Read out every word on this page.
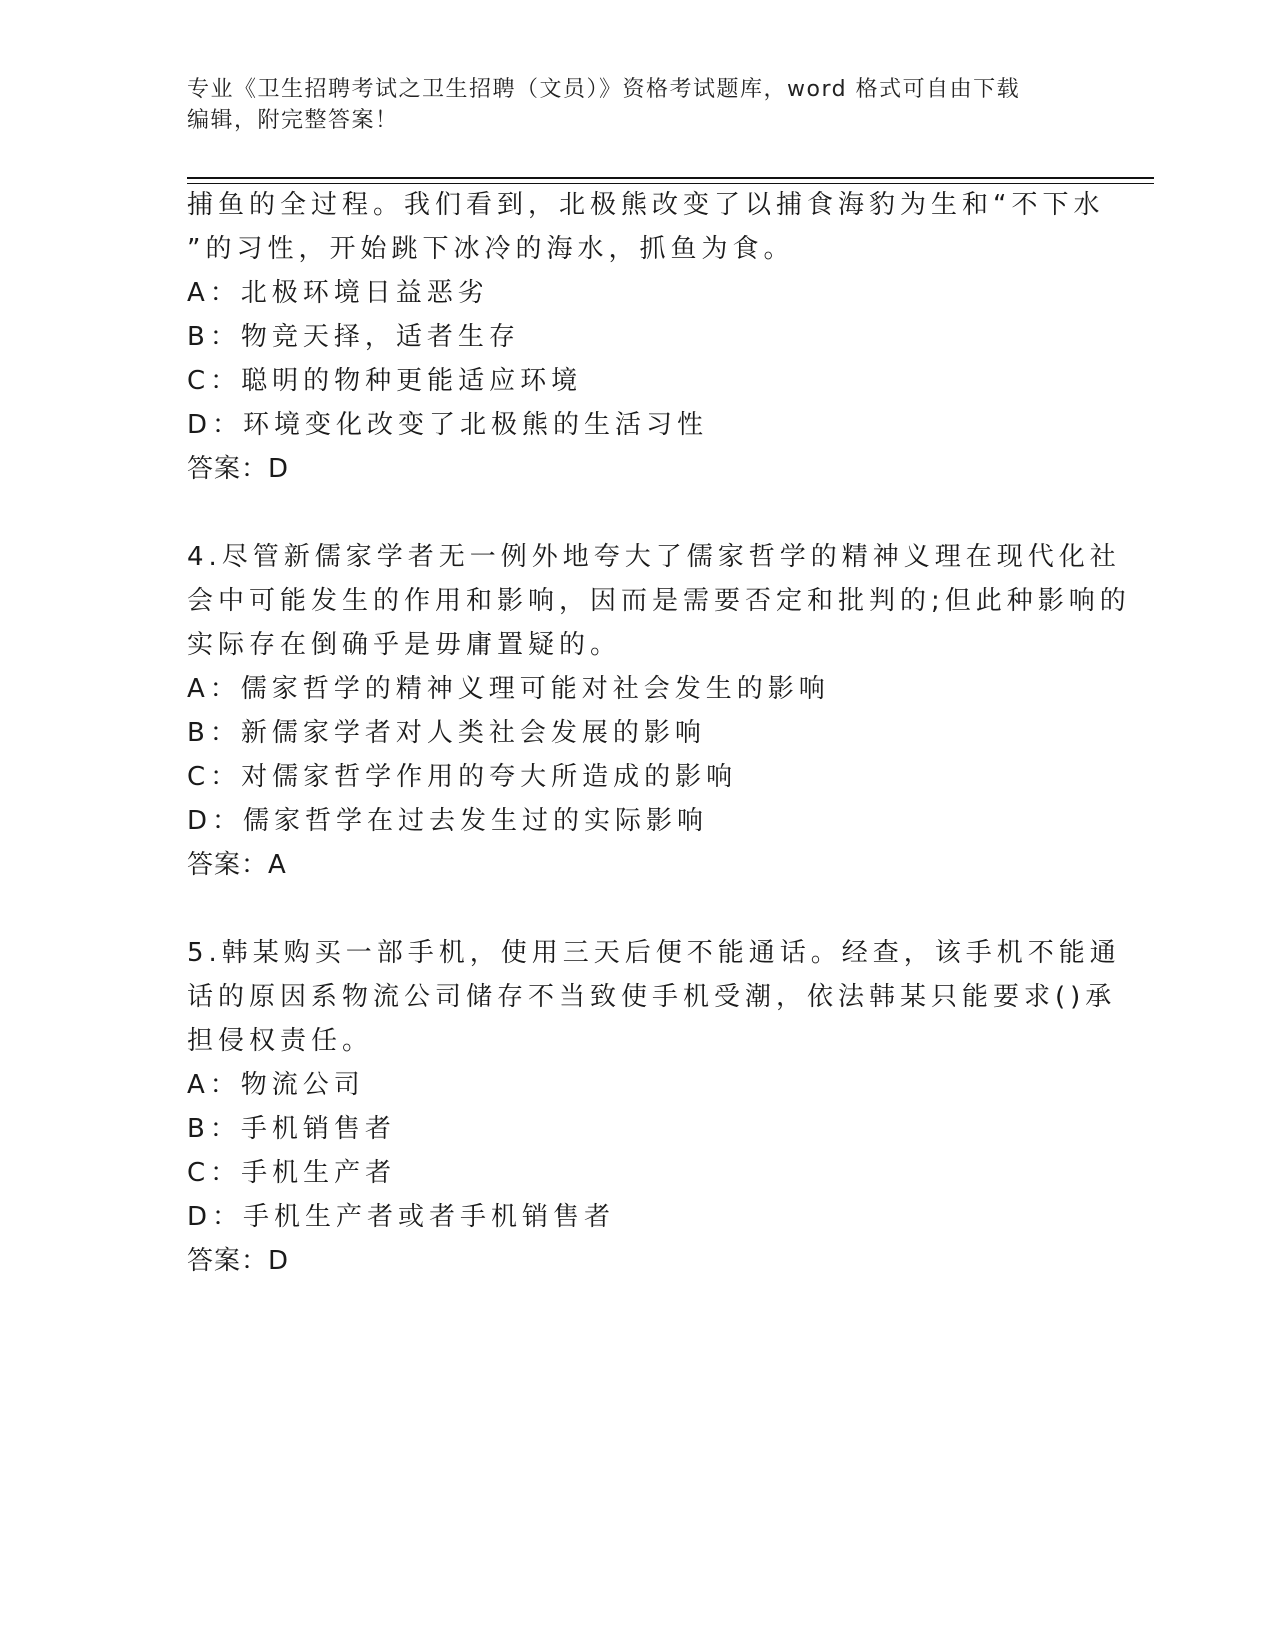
专业《卫生招聘考试之卫生招聘（文员）》资格考试题库，word 格式可自由下载
编辑，附完整答案！
捕鱼的全过程。我们看到，北极熊改变了以捕食海豹为生和“不下水
”的习性，开始跳下冰冷的海水，抓鱼为食。
A：北极环境日益恶劣
B：物竞天择，适者生存
C：聪明的物种更能适应环境
D：环境变化改变了北极熊的生活习性
答案：D
4.尽管新儒家学者无一例外地夸大了儒家哲学的精神义理在现代化社
会中可能发生的作用和影响，因而是需要否定和批判的;但此种影响的
实际存在倒确乎是毋庸置疑的。
A：儒家哲学的精神义理可能对社会发生的影响
B：新儒家学者对人类社会发展的影响
C：对儒家哲学作用的夸大所造成的影响
D：儒家哲学在过去发生过的实际影响
答案：A
5.韩某购买一部手机，使用三天后便不能通话。经查，该手机不能通
话的原因系物流公司储存不当致使手机受潮，依法韩某只能要求()承
担侵权责任。
A：物流公司
B：手机销售者
C：手机生产者
D：手机生产者或者手机销售者
答案：D
